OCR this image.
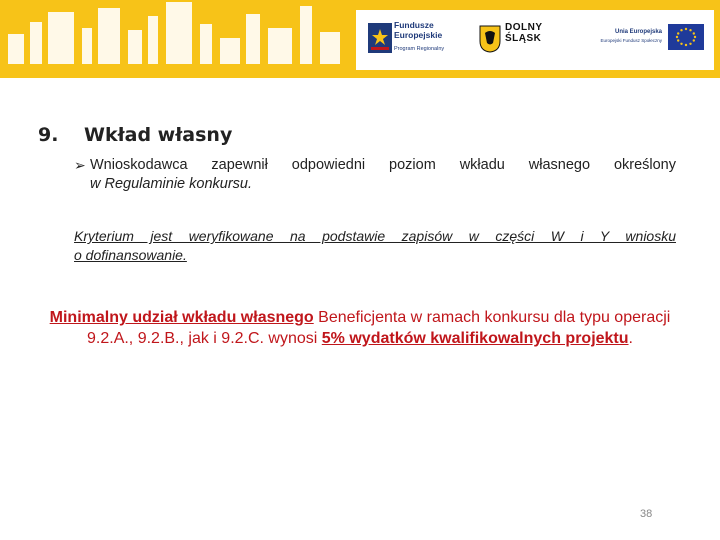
Fundusze
Europejskie
Program Regionalny
DOLNY
ŚLĄSK
Unia Europejska
Europejski Fundusz Społeczny
9. Wkład własny
➢ Wnioskodawca zapewnił odpowiedni poziom wkładu własnego określony
w Regulaminie konkursu.
Kryterium jest weryfikowane na podstawie zapisów w części W i Y wniosku
o dofinansowanie.
Minimalny udział wkładu własnego Beneficjenta w ramach konkursu dla typu operacji 9.2.A., 9.2.B., jak i 9.2.C. wynosi 5% wydatków kwalifikowalnych projektu.
38
